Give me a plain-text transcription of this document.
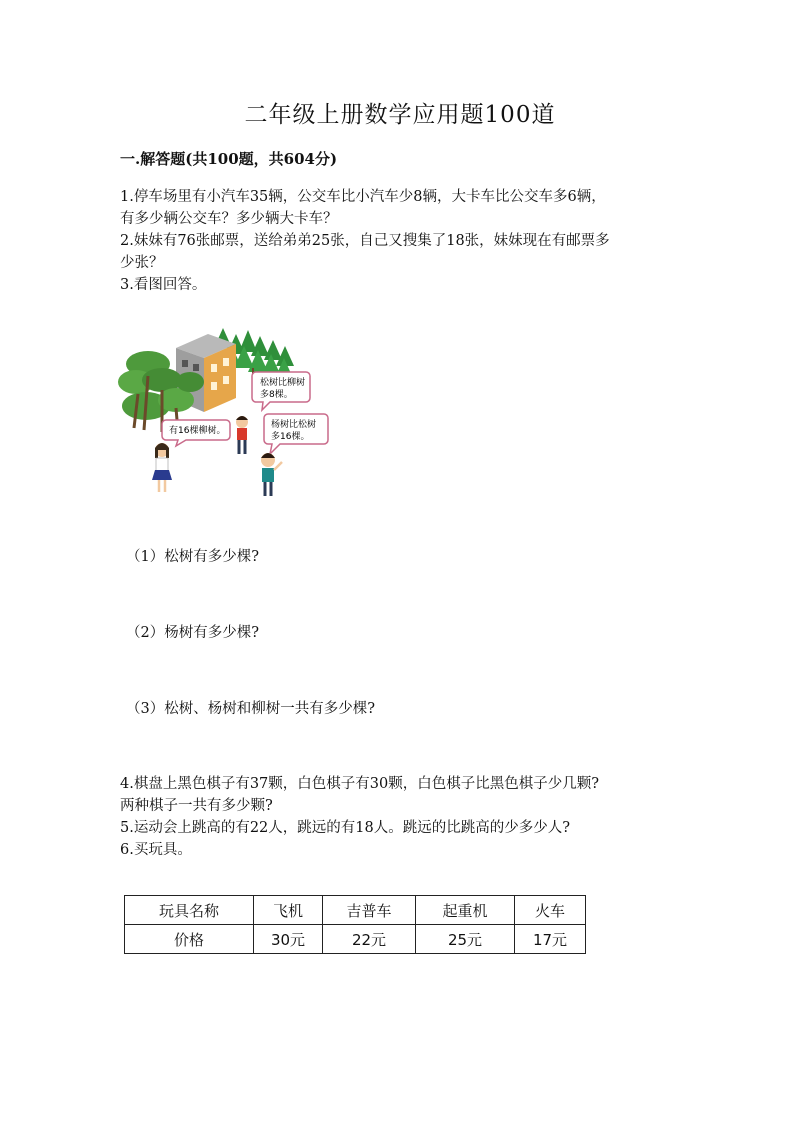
二年级上册数学应用题100道
一.解答题(共100题，共604分)
1.停车场里有小汽车35辆，公交车比小汽车少8辆，大卡车比公交车多6辆，
有多少辆公交车？多少辆大卡车？
2.妹妹有76张邮票，送给弟弟25张，自己又搜集了18张，妹妹现在有邮票多
少张？
3.看图回答。
松树比柳树
多8棵。
有16棵柳树。
杨树比松树
多16棵。
（1）松树有多少棵?
（2）杨树有多少棵?
（3）松树、杨树和柳树一共有多少棵?
4.棋盘上黑色棋子有37颗，白色棋子有30颗，白色棋子比黑色棋子少几颗?
两种棋子一共有多少颗?
5.运动会上跳高的有22人，跳远的有18人。跳远的比跳高的少多少人?
6.买玩具。
玩具名称	飞机	吉普车	起重机	火车
价格	30元	22元	25元	17元
